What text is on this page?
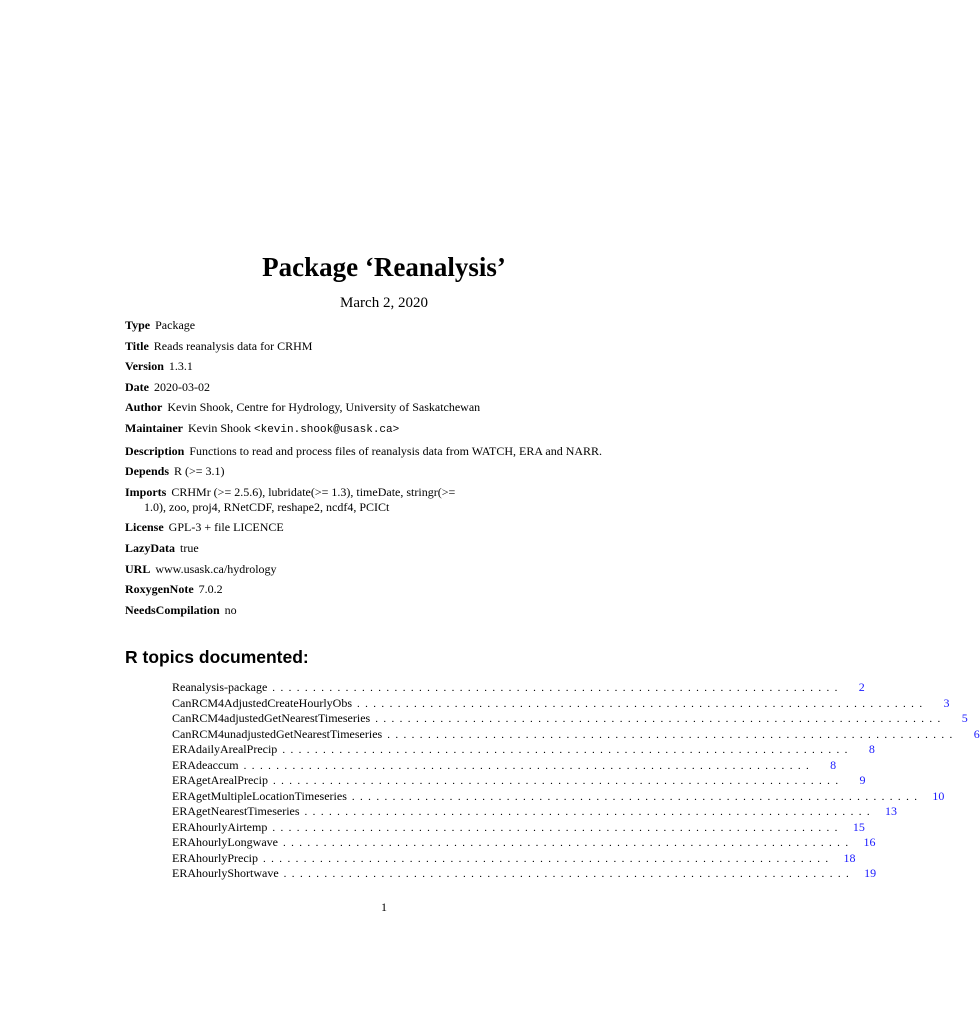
Package ‘Reanalysis’
March 2, 2020
Type Package
Title Reads reanalysis data for CRHM
Version 1.3.1
Date 2020-03-02
Author Kevin Shook, Centre for Hydrology, University of Saskatchewan
Maintainer Kevin Shook <kevin.shook@usask.ca>
Description Functions to read and process files of reanalysis data from WATCH, ERA and NARR.
Depends R (>= 3.1)
Imports CRHMr (>= 2.5.6), lubridate(>= 1.3), timeDate, stringr(>=
1.0), zoo, proj4, RNetCDF, reshape2, ncdf4, PCICt
License GPL-3 + file LICENCE
LazyData true
URL www.usask.ca/hydrology
RoxygenNote 7.0.2
NeedsCompilation no
R topics documented:
Reanalysis-package ......................................................................	2
CanRCM4AdjustedCreateHourlyObs ......................................................................	3
CanRCM4adjustedGetNearestTimeseries ......................................................................	5
CanRCM4unadjustedGetNearestTimeseries ......................................................................	6
ERAdailyArealPrecip ......................................................................	8
ERAdeaccum ......................................................................	8
ERAgetArealPrecip ......................................................................	9
ERAgetMultipleLocationTimeseries ...................................................................... 10
ERAgetNearestTimeseries ...................................................................... 13
ERAhourlyAirtemp ...................................................................... 15
ERAhourlyLongwave ...................................................................... 16
ERAhourlyPrecip ...................................................................... 18
ERAhourlyShortwave ...................................................................... 19
1
